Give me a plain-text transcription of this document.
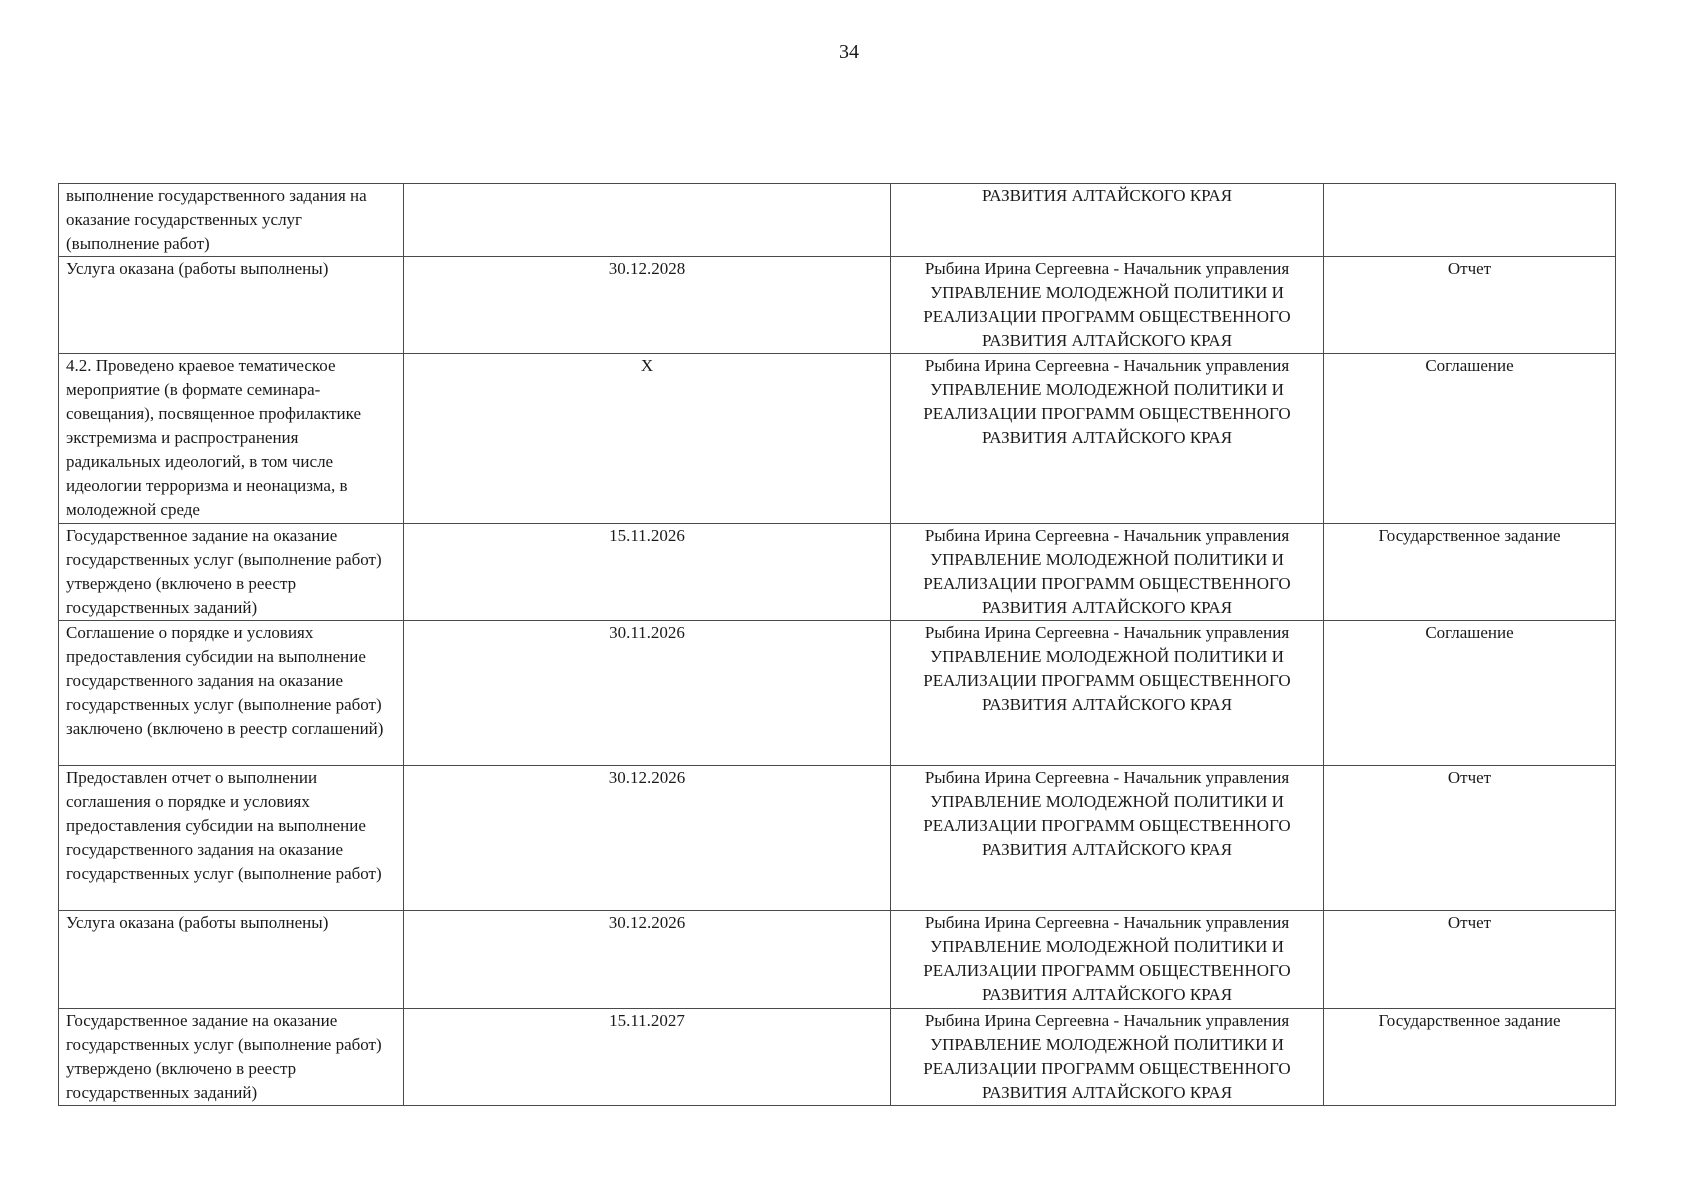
34
выполнение государственного задания на оказание государственных услуг (выполнение работ)		РАЗВИТИЯ АЛТАЙСКОГО КРАЯ	
Услуга оказана (работы выполнены)	30.12.2028	Рыбина Ирина Сергеевна - Начальник управления УПРАВЛЕНИЕ МОЛОДЕЖНОЙ ПОЛИТИКИ И РЕАЛИЗАЦИИ ПРОГРАММ ОБЩЕСТВЕННОГО РАЗВИТИЯ АЛТАЙСКОГО КРАЯ	Отчет
4.2. Проведено краевое тематическое мероприятие (в формате семинара-совещания), посвященное профилактике экстремизма и распространения радикальных идеологий, в том числе идеологии терроризма и неонацизма, в молодежной среде	X	Рыбина Ирина Сергеевна - Начальник управления УПРАВЛЕНИЕ МОЛОДЕЖНОЙ ПОЛИТИКИ И РЕАЛИЗАЦИИ ПРОГРАММ ОБЩЕСТВЕННОГО РАЗВИТИЯ АЛТАЙСКОГО КРАЯ	Соглашение
Государственное задание на оказание государственных услуг (выполнение работ) утверждено (включено в реестр государственных заданий)	15.11.2026	Рыбина Ирина Сергеевна - Начальник управления УПРАВЛЕНИЕ МОЛОДЕЖНОЙ ПОЛИТИКИ И РЕАЛИЗАЦИИ ПРОГРАММ ОБЩЕСТВЕННОГО РАЗВИТИЯ АЛТАЙСКОГО КРАЯ	Государственное задание
Соглашение о порядке и условиях предоставления субсидии на выполнение государственного задания на оказание государственных услуг (выполнение работ) заключено (включено в реестр соглашений)	30.11.2026	Рыбина Ирина Сергеевна - Начальник управления УПРАВЛЕНИЕ МОЛОДЕЖНОЙ ПОЛИТИКИ И РЕАЛИЗАЦИИ ПРОГРАММ ОБЩЕСТВЕННОГО РАЗВИТИЯ АЛТАЙСКОГО КРАЯ	Соглашение
Предоставлен отчет о выполнении соглашения о порядке и условиях предоставления субсидии на выполнение государственного задания на оказание государственных услуг (выполнение работ)	30.12.2026	Рыбина Ирина Сергеевна - Начальник управления УПРАВЛЕНИЕ МОЛОДЕЖНОЙ ПОЛИТИКИ И РЕАЛИЗАЦИИ ПРОГРАММ ОБЩЕСТВЕННОГО РАЗВИТИЯ АЛТАЙСКОГО КРАЯ	Отчет
Услуга оказана (работы выполнены)	30.12.2026	Рыбина Ирина Сергеевна - Начальник управления УПРАВЛЕНИЕ МОЛОДЕЖНОЙ ПОЛИТИКИ И РЕАЛИЗАЦИИ ПРОГРАММ ОБЩЕСТВЕННОГО РАЗВИТИЯ АЛТАЙСКОГО КРАЯ	Отчет
Государственное задание на оказание государственных услуг (выполнение работ) утверждено (включено в реестр государственных заданий)	15.11.2027	Рыбина Ирина Сергеевна - Начальник управления УПРАВЛЕНИЕ МОЛОДЕЖНОЙ ПОЛИТИКИ И РЕАЛИЗАЦИИ ПРОГРАММ ОБЩЕСТВЕННОГО РАЗВИТИЯ АЛТАЙСКОГО КРАЯ	Государственное задание
